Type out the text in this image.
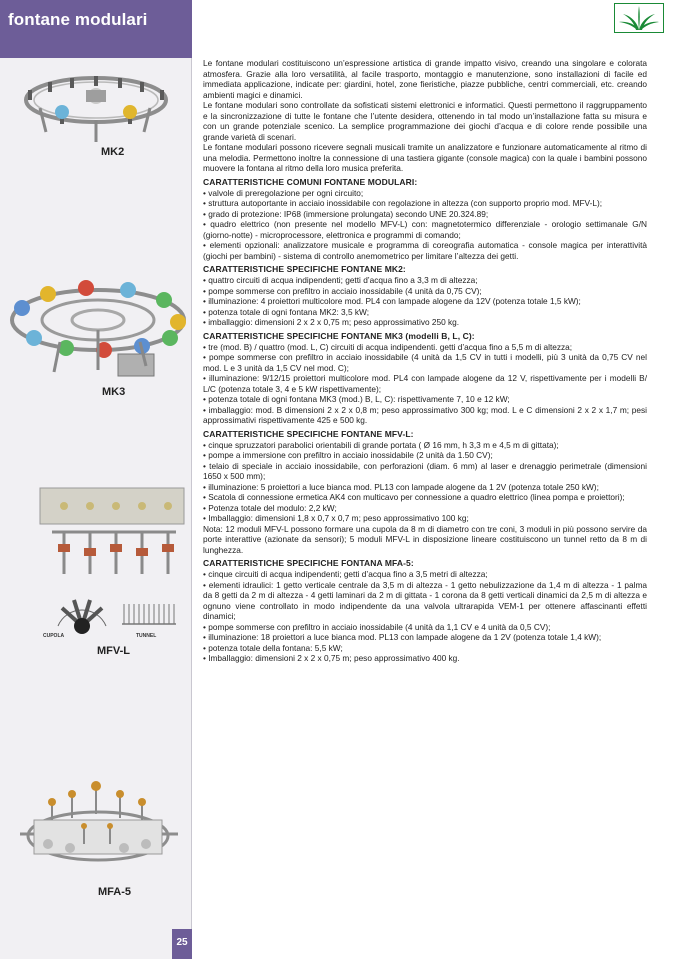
fontane modulari
MK2
MK3
CUPOLA	TUNNEL
MFV-L
MFA-5
25

Le fontane modulari costituiscono un’espressione artistica di grande impatto visivo, creando una singolare e colorata atmosfera. Grazie alla loro versatilità, al facile trasporto, montaggio e manutenzione, sono installazioni di facile ed immediata applicazione, indicate per: giardini, hotel, zone fieristiche, piazze pubbliche, centri commerciali, etc. creando ambienti magici e dinamici.

Le fontane modulari sono controllate da sofisticati sistemi elettronici e informatici. Questi permettono il raggruppamento e la sincronizzazione di tutte le fontane che l’utente desidera, ottenendo in tal modo un’installazione fatta su misura e con un grande potenziale scenico. La semplice programmazione dei giochi d’acqua e di colore rende possibile una grande varietà di scenari.

Le fontane modulari possono ricevere segnali musicali tramite un analizzatore e funzionare automaticamente al ritmo di una melodia. Permettono inoltre la connessione di una tastiera gigante (console magica) con la quale i bambini possono muovere la fontana al ritmo della loro musica preferita.

CARATTERISTICHE COMUNI FONTANE MODULARI:
• valvole di preregolazione per ogni circuito;
• struttura autoportante in acciaio inossidabile con regolazione in altezza (con supporto proprio mod. MFV-L);
• grado di protezione: IP68 (immersione prolungata) secondo UNE 20.324.89;
• quadro elettrico (non presente nel modello MFV-L) con: magnetotermico differenziale - orologio settimanale G/N (giorno-notte) - microprocessore, elettronica e programmi di comando;
• elementi opzionali: analizzatore musicale e programma di coreografia automatica - console magica per interattività (giochi per bambini) - sistema di controllo anemometrico per limitare l’altezza dei getti.
CARATTERISTICHE SPECIFICHE FONTANE MK2:
• quattro circuiti di acqua indipendenti; getti d’acqua fino a 3,3 m di altezza;
• pompe sommerse con prefiltro in acciaio inossidabile (4 unità da 0,75 CV);
• illuminazione: 4 proiettori multicolore mod. PL4 con lampade alogene da 12V (potenza totale 1,5 kW);
• potenza totale di ogni fontana MK2: 3,5 kW;
• imballaggio: dimensioni 2 x 2 x 0,75 m; peso approssimativo 250 kg.
CARATTERISTICHE SPECIFICHE FONTANE MK3 (modelli B, L, C):
• tre (mod. B) / quattro (mod. L, C) circuiti di acqua indipendenti. getti d’acqua fino a 5,5 m di altezza;
• pompe sommerse con prefiltro in acciaio inossidabile (4 unità da 1,5 CV in tutti i modelli, più 3 unità da 0,75 CV nel mod. L e 3 unità da 1,5 CV nel mod. C);
• illuminazione: 9/12/15 proiettori multicolore mod. PL4 con lampade alogene da 12 V, rispettivamente per i modelli B/ L/C (potenza totale 3, 4 e 5 kW rispettivamente);
• potenza totale di ogni fontana MK3 (mod.) B, L, C): rispettivamente 7, 10 e 12 kW;
• imballaggio: mod. B dimensioni 2 x 2 x 0,8 m; peso approssimativo 300 kg; mod. L e C dimensioni 2 x 2 x 1,7 m; pesi approssimativi rispettivamente 425 e 500 kg.
CARATTERISTICHE SPECIFICHE FONTANE MFV-L:
• cinque spruzzatori parabolici orientabili di grande portata ( Ø 16 mm, h 3,3 m e 4,5 m di gittata);
• pompe a immersione con prefiltro in acciaio inossidabile (2 unità da 1.50 CV);
• telaio di speciale in acciaio inossidabile, con perforazioni (diam. 6 mm) al laser e drenaggio perimetrale (dimensioni 1650 x 500 mm);
• illuminazione: 5 proiettori a luce bianca mod. PL13 con lampade alogene da 1 2V (potenza totale 250 kW);
• Scatola di connessione ermetica AK4 con multicavo per connessione a quadro elettrico (linea pompa e proiettori);
• Potenza totale del modulo: 2,2 kW;
• Imballaggio: dimensioni 1,8 x 0,7 x 0,7 m; peso approssimativo 100 kg;

Nota: 12 moduli MFV-L possono formare una cupola da 8 m di diametro con tre coni, 3 moduli in più possono servire da porte interattive (azionate da sensori); 5 moduli MFV-L in disposizione lineare costituiscono un tunnel retto da 8 m di lunghezza.

CARATTERISTICHE SPECIFICHE FONTANA MFA-5:
• cinque circuiti di acqua indipendenti; getti d’acqua fino a 3,5 metri di altezza;
• elementi idraulici: 1 getto verticale centrale da 3,5 m di altezza - 1 getto nebulizzazione da 1,4 m di altezza - 1 palma da 8 getti da 2 m di altezza - 4 getti laminari da 2 m di gittata - 1 corona da 8 getti verticali dinamici da 2,5 m di altezza e ognuno viene controllato in modo indipendente da una valvola ultrarapida VEM-1 per ottenere affascinanti effetti dinamici;
• pompe sommerse con prefiltro in acciaio inossidabile (4 unità da 1,1 CV e 4 unità da 0,5 CV);
• illuminazione: 18 proiettori a luce bianca mod. PL13 con lampade alogene da 1 2V (potenza totale 1,4 kW);
• potenza totale della fontana: 5,5 kW;
• Imballaggio: dimensioni 2 x 2 x 0,75 m; peso approssimativo 400 kg.
